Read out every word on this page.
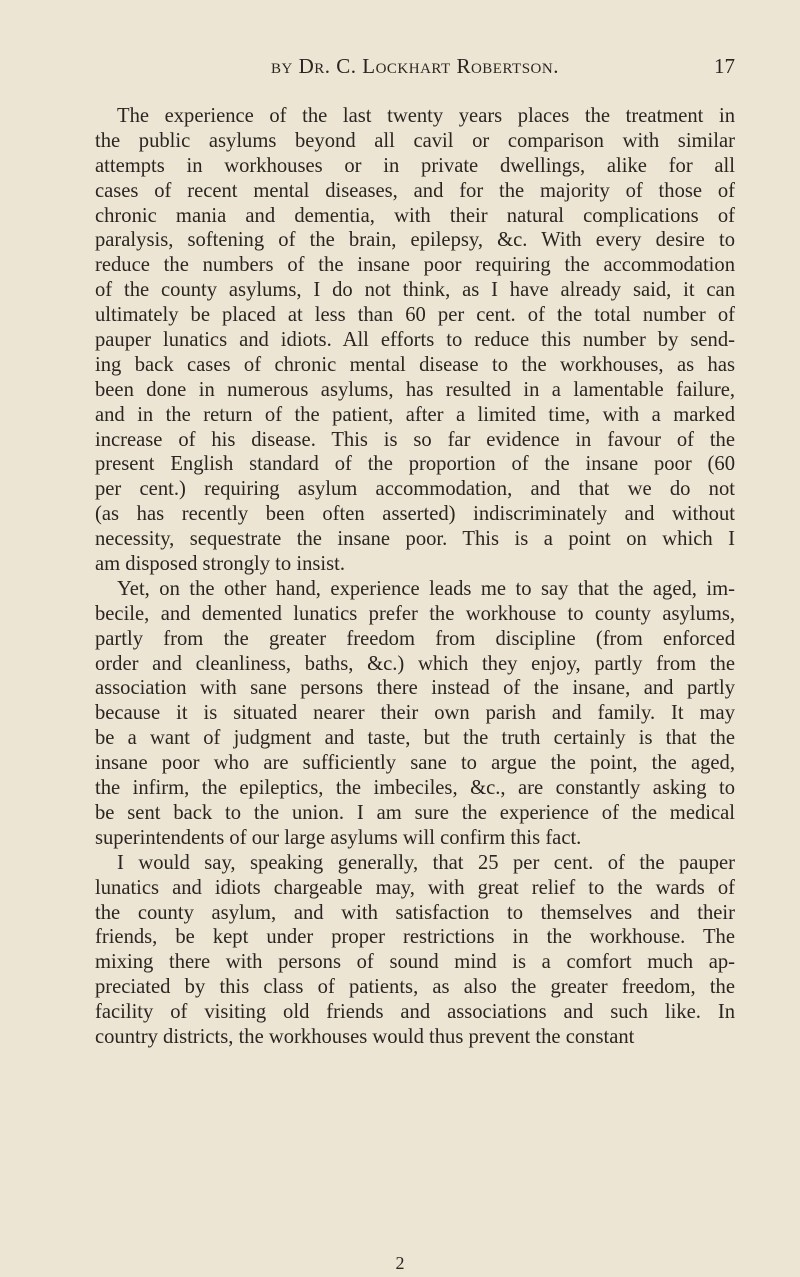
by Dr. C. Lockhart Robertson.	17
The experience of the last twenty years places the treatment in
the public asylums beyond all cavil or comparison with similar
attempts in workhouses or in private dwellings, alike for all
cases of recent mental diseases, and for the majority of those of
chronic mania and dementia, with their natural complications of
paralysis, softening of the brain, epilepsy, &c. With every desire to
reduce the numbers of the insane poor requiring the accommodation
of the county asylums, I do not think, as I have already said, it can
ultimately be placed at less than 60 per cent. of the total number of
pauper lunatics and idiots. All efforts to reduce this number by send-
ing back cases of chronic mental disease to the workhouses, as has
been done in numerous asylums, has resulted in a lamentable failure,
and in the return of the patient, after a limited time, with a marked
increase of his disease. This is so far evidence in favour of the
present English standard of the proportion of the insane poor (60
per cent.) requiring asylum accommodation, and that we do not
(as has recently been often asserted) indiscriminately and without
necessity, sequestrate the insane poor. This is a point on which I
am disposed strongly to insist.
Yet, on the other hand, experience leads me to say that the aged, im-
becile, and demented lunatics prefer the workhouse to county asylums,
partly from the greater freedom from discipline (from enforced
order and cleanliness, baths, &c.) which they enjoy, partly from the
association with sane persons there instead of the insane, and partly
because it is situated nearer their own parish and family. It may
be a want of judgment and taste, but the truth certainly is that the
insane poor who are sufficiently sane to argue the point, the aged,
the infirm, the epileptics, the imbeciles, &c., are constantly asking to
be sent back to the union. I am sure the experience of the medical
superintendents of our large asylums will confirm this fact.
I would say, speaking generally, that 25 per cent. of the pauper
lunatics and idiots chargeable may, with great relief to the wards of
the county asylum, and with satisfaction to themselves and their
friends, be kept under proper restrictions in the workhouse. The
mixing there with persons of sound mind is a comfort much ap-
preciated by this class of patients, as also the greater freedom, the
facility of visiting old friends and associations and such like. In
country districts, the workhouses would thus prevent the constant
2
